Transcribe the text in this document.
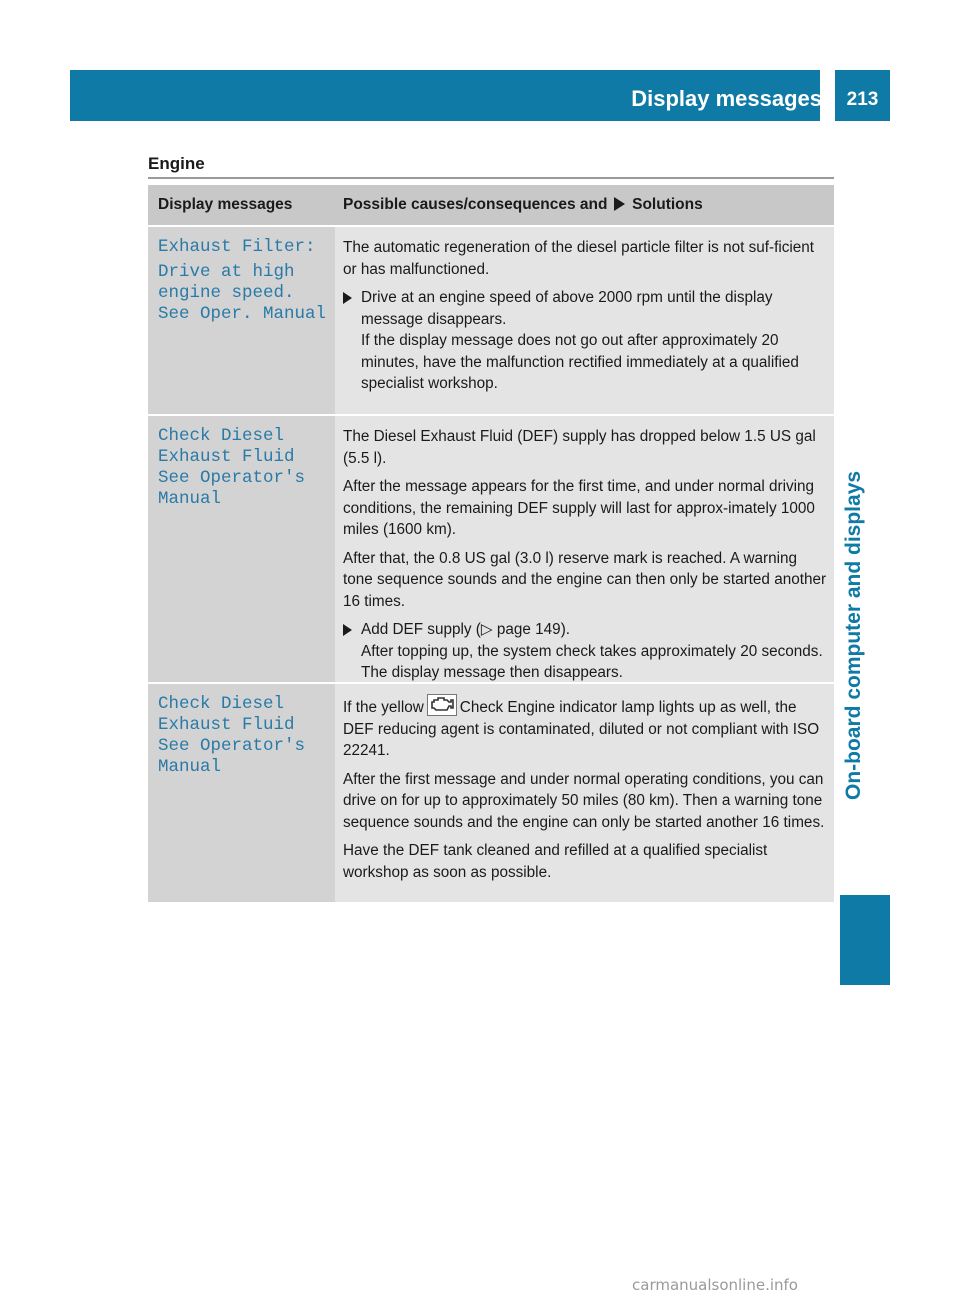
Display messages	213
On-board computer and displays
Engine
Display messages	Possible causes/consequences and Solutions

Exhaust Filter:

Drive at high engine speed. See Oper. Manual

The automatic regeneration of the diesel particle filter is not suf-ficient or has malfunctioned.

Drive at an engine speed of above 2000 rpm until the display message disappears.
If the display message does not go out after approximately 20 minutes, have the malfunction rectified immediately at a qualified specialist workshop.

Check Diesel Exhaust Fluid See Operator's Manual

The Diesel Exhaust Fluid (DEF) supply has dropped below 1.5 US gal (5.5 l).

After the message appears for the first time, and under normal driving conditions, the remaining DEF supply will last for approx-imately 1000 miles (1600 km).

After that, the 0.8 US gal (3.0 l) reserve mark is reached. A warning tone sequence sounds and the engine can then only be started another 16 times.

Add DEF supply (▷ page 149).
After topping up, the system check takes approximately 20 seconds. The display message then disappears.

Check Diesel Exhaust Fluid See Operator's Manual

If the yellow Check Engine indicator lamp lights up as well, the DEF reducing agent is contaminated, diluted or not compliant with ISO 22241.

After the first message and under normal operating conditions, you can drive on for up to approximately 50 miles (80 km). Then a warning tone sequence sounds and the engine can only be started another 16 times.

Have the DEF tank cleaned and refilled at a qualified specialist workshop as soon as possible.

carmanualsonline.info
